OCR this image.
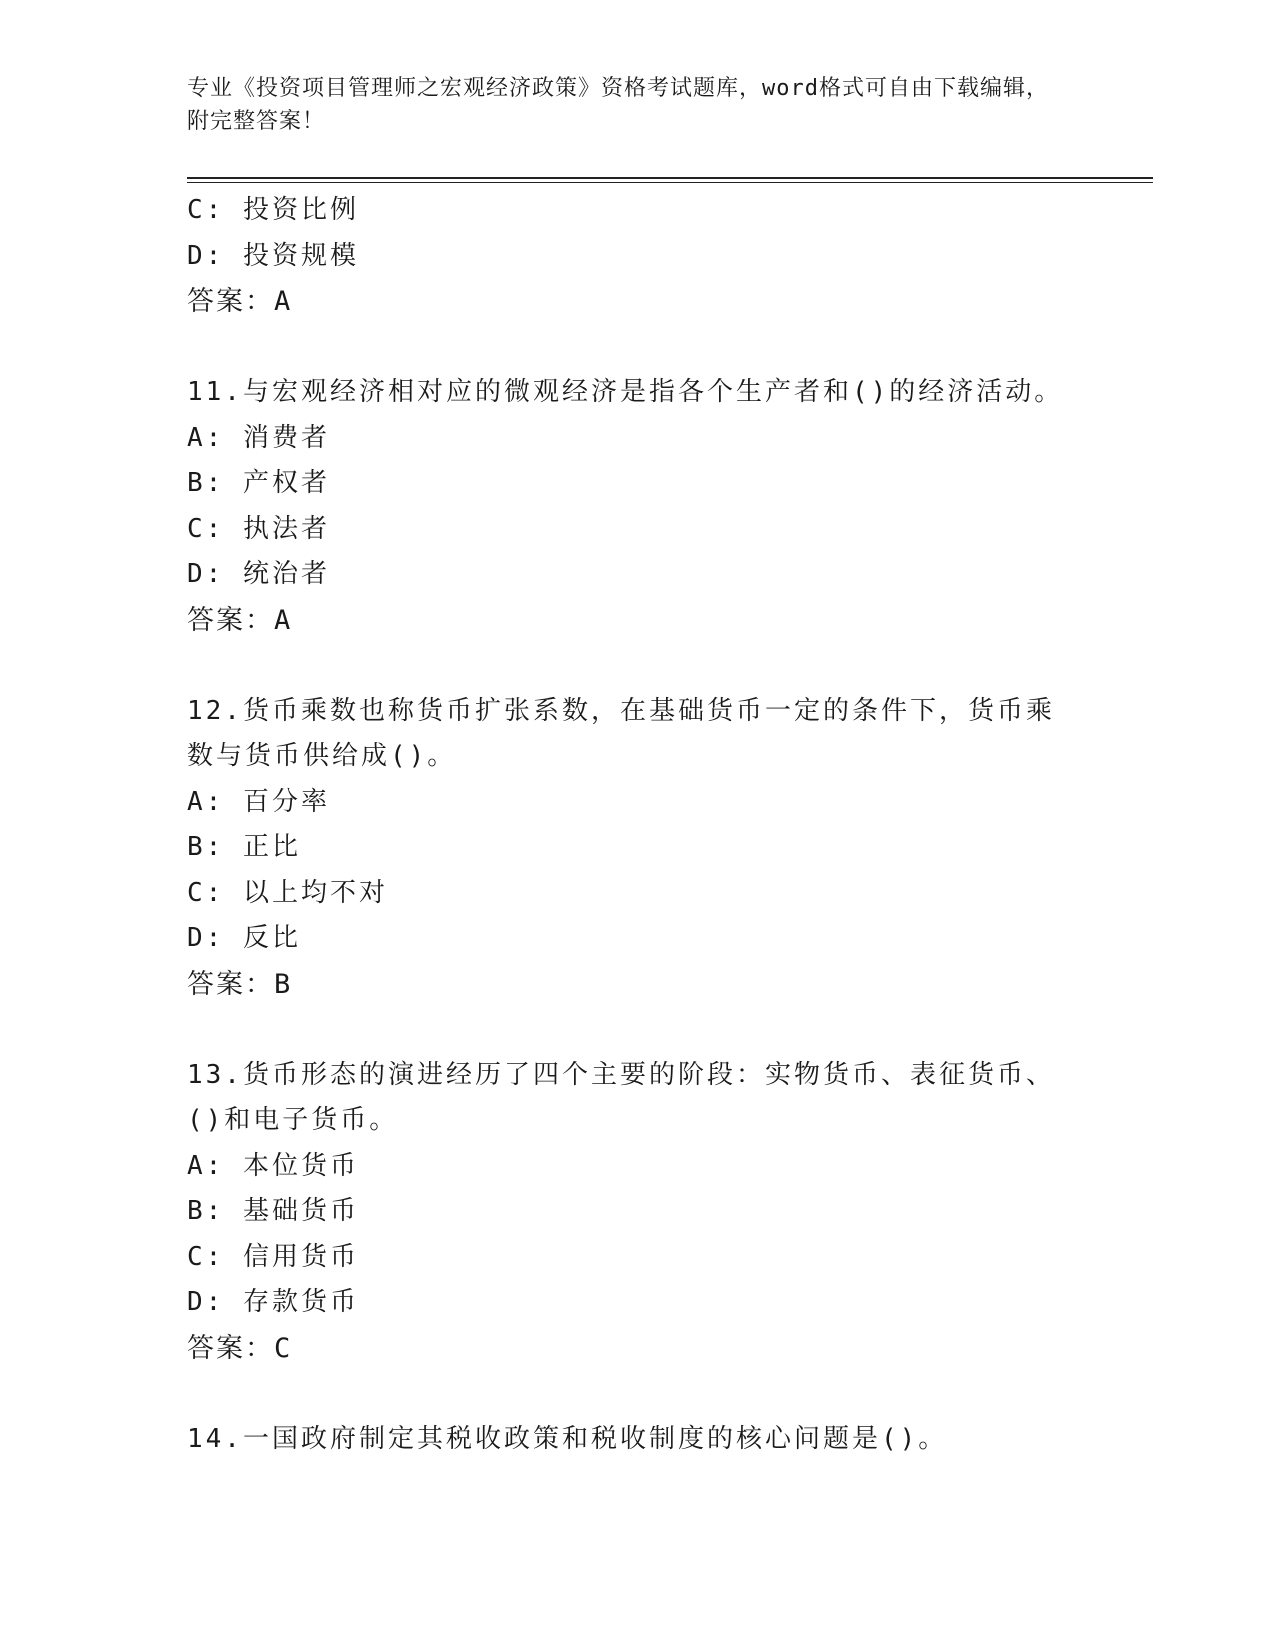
专业《投资项目管理师之宏观经济政策》资格考试题库，word格式可自由下载编辑，附完整答案！
C: 投资比例
D: 投资规模
答案：A
11.与宏观经济相对应的微观经济是指各个生产者和()的经济活动。
A: 消费者
B: 产权者
C: 执法者
D: 统治者
答案：A
12.货币乘数也称货币扩张系数，在基础货币一定的条件下，货币乘数与货币供给成()。
A: 百分率
B: 正比
C: 以上均不对
D: 反比
答案：B
13.货币形态的演进经历了四个主要的阶段：实物货币、表征货币、()和电子货币。
A: 本位货币
B: 基础货币
C: 信用货币
D: 存款货币
答案：C
14.一国政府制定其税收政策和税收制度的核心问题是()。
